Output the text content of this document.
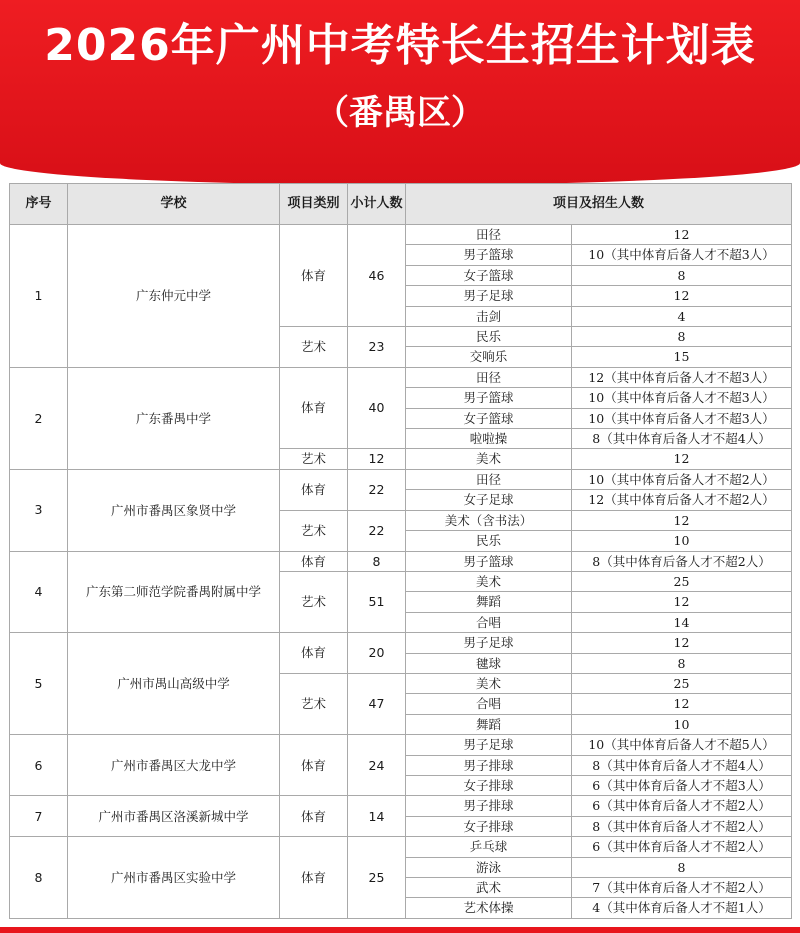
2026年广州中考特长生招生计划表
（番禺区）
序号	学校	项目类别	小计人数	项目及招生人数	
1	广东仲元中学	体育	46	田径	12
				男子篮球	10（其中体育后备人才不超3人）
				女子篮球	8
				男子足球	12
				击剑	4
		艺术	23	民乐	8
				交响乐	15
2	广东番禺中学	体育	40	田径	12（其中体育后备人才不超3人）
				男子篮球	10（其中体育后备人才不超3人）
				女子篮球	10（其中体育后备人才不超3人）
				啦啦操	8（其中体育后备人才不超4人）
		艺术	12	美术	12
3	广州市番禺区象贤中学	体育	22	田径	10（其中体育后备人才不超2人）
				女子足球	12（其中体育后备人才不超2人）
		艺术	22	美术（含书法）	12
				民乐	10
4	广东第二师范学院番禺附属中学	体育	8	男子篮球	8（其中体育后备人才不超2人）
		艺术	51	美术	25
				舞蹈	12
				合唱	14
5	广州市禺山高级中学	体育	20	男子足球	12
				毽球	8
		艺术	47	美术	25
				合唱	12
				舞蹈	10
6	广州市番禺区大龙中学	体育	24	男子足球	10（其中体育后备人才不超5人）
				男子排球	8（其中体育后备人才不超4人）
				女子排球	6（其中体育后备人才不超3人）
7	广州市番禺区洛溪新城中学	体育	14	男子排球	6（其中体育后备人才不超2人）
				女子排球	8（其中体育后备人才不超2人）
8	广州市番禺区实验中学	体育	25	乒乓球	6（其中体育后备人才不超2人）
				游泳	8
				武术	7（其中体育后备人才不超2人）
				艺术体操	4（其中体育后备人才不超1人）
